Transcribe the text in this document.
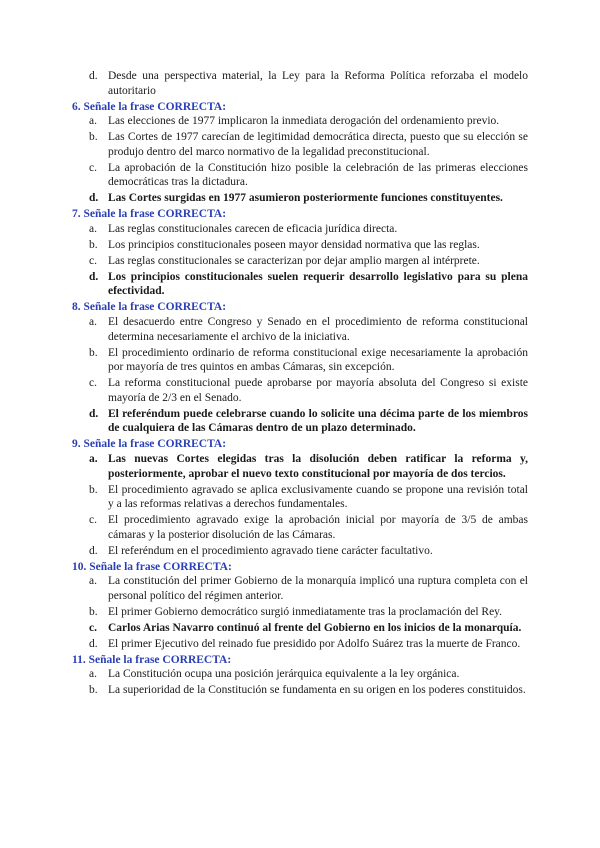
d. Desde una perspectiva material, la Ley para la Reforma Política reforzaba el modelo autoritario

6. Señale la frase CORRECTA:

a. Las elecciones de 1977 implicaron la inmediata derogación del ordenamiento previo.
b. Las Cortes de 1977 carecían de legitimidad democrática directa, puesto que su elección se produjo dentro del marco normativo de la legalidad preconstitucional.
c. La aprobación de la Constitución hizo posible la celebración de las primeras elecciones democráticas tras la dictadura.
d. Las Cortes surgidas en 1977 asumieron posteriormente funciones constituyentes.

7. Señale la frase CORRECTA:

a. Las reglas constitucionales carecen de eficacia jurídica directa.
b. Los principios constitucionales poseen mayor densidad normativa que las reglas.
c. Las reglas constitucionales se caracterizan por dejar amplio margen al intérprete.
d. Los principios constitucionales suelen requerir desarrollo legislativo para su plena efectividad.

8. Señale la frase CORRECTA:

a. El desacuerdo entre Congreso y Senado en el procedimiento de reforma constitucional determina necesariamente el archivo de la iniciativa.
b. El procedimiento ordinario de reforma constitucional exige necesariamente la aprobación por mayoría de tres quintos en ambas Cámaras, sin excepción.
c. La reforma constitucional puede aprobarse por mayoría absoluta del Congreso si existe mayoría de 2/3 en el Senado.
d. El referéndum puede celebrarse cuando lo solicite una décima parte de los miembros de cualquiera de las Cámaras dentro de un plazo determinado.

9. Señale la frase CORRECTA:

a. Las nuevas Cortes elegidas tras la disolución deben ratificar la reforma y, posteriormente, aprobar el nuevo texto constitucional por mayoría de dos tercios.
b. El procedimiento agravado se aplica exclusivamente cuando se propone una revisión total y a las reformas relativas a derechos fundamentales.
c. El procedimiento agravado exige la aprobación inicial por mayoría de 3/5 de ambas cámaras y la posterior disolución de las Cámaras.
d. El referéndum en el procedimiento agravado tiene carácter facultativo.

10. Señale la frase CORRECTA:

a. La constitución del primer Gobierno de la monarquía implicó una ruptura completa con el personal político del régimen anterior.
b. El primer Gobierno democrático surgió inmediatamente tras la proclamación del Rey.
c. Carlos Arias Navarro continuó al frente del Gobierno en los inicios de la monarquía.
d. El primer Ejecutivo del reinado fue presidido por Adolfo Suárez tras la muerte de Franco.

11. Señale la frase CORRECTA:

a. La Constitución ocupa una posición jerárquica equivalente a la ley orgánica.
b. La superioridad de la Constitución se fundamenta en su origen en los poderes constituidos.
